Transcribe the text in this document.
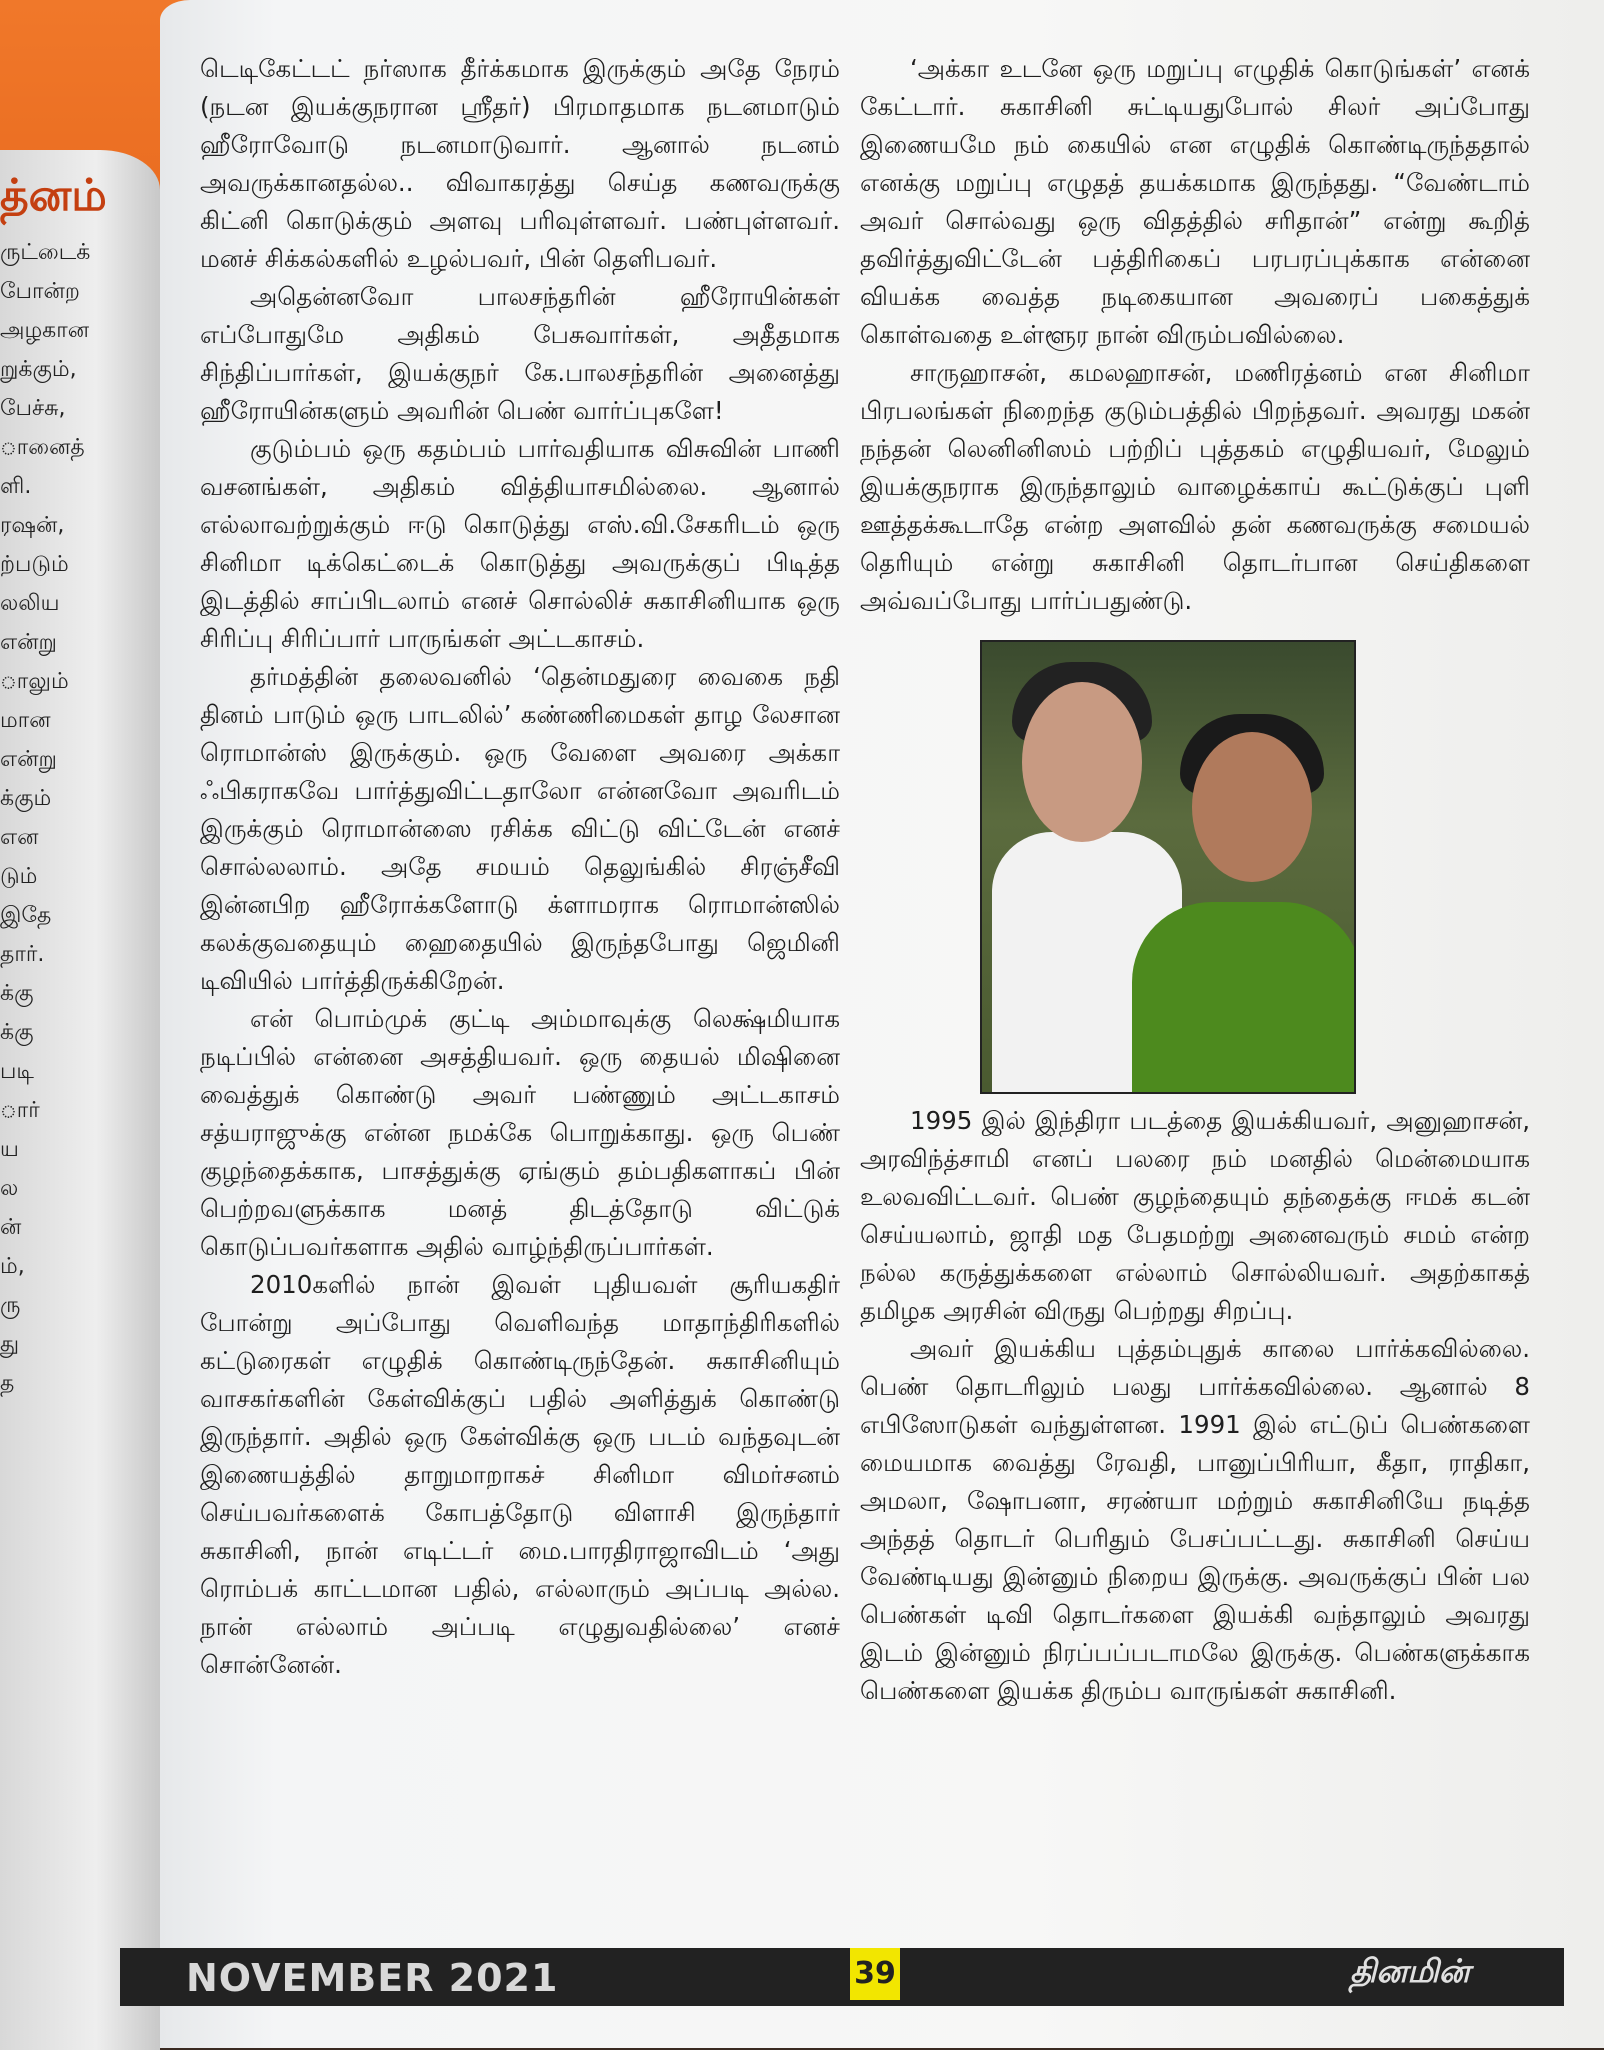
த்னம்
ருட்டைக்
போன்ற
அழகான
றுக்கும்,
பேச்சு,
ானைத்
ளி.
ரஷன்,
ற்படும்
லலிய
என்று
ாலும்
மான
என்று
க்கும்
என
டும்
இதே
தார்.
க்கு
க்கு
படி
ார்
ய
ல
ன்
ம்,
ரு
து
த

டெடிகேட்டட் நர்ஸாக தீர்க்கமாக இருக்கும் அதே நேரம் (நடன இயக்குநரான ஸ்ரீதர்) பிரமாதமாக நடனமாடும் ஹீரோவோடு நடனமாடுவார். ஆனால் நடனம் அவருக்கானதல்ல.. விவாகரத்து செய்த கணவருக்கு கிட்னி கொடுக்கும் அளவு பரிவுள்ளவர். பண்புள்ளவர். மனச் சிக்கல்களில் உழல்பவர், பின் தெளிபவர்.

அதென்னவோ பாலசந்தரின் ஹீரோயின்கள் எப்போதுமே அதிகம் பேசுவார்கள், அதீதமாக சிந்திப்பார்கள், இயக்குநர் கே.பாலசந்தரின் அனைத்து ஹீரோயின்களும் அவரின் பெண் வார்ப்புகளே!

குடும்பம் ஒரு கதம்பம் பார்வதியாக விசுவின் பாணி வசனங்கள், அதிகம் வித்தியாசமில்லை. ஆனால் எல்லாவற்றுக்கும் ஈடு கொடுத்து எஸ்.வி.சேகரிடம் ஒரு சினிமா டிக்கெட்டைக் கொடுத்து அவருக்குப் பிடித்த இடத்தில் சாப்பிடலாம் எனச் சொல்லிச் சுகாசினியாக ஒரு சிரிப்பு சிரிப்பார் பாருங்கள் அட்டகாசம்.

தர்மத்தின் தலைவனில் ‘தென்மதுரை வைகை நதி தினம் பாடும் ஒரு பாடலில்’ கண்ணிமைகள் தாழ லேசான ரொமான்ஸ் இருக்கும். ஒரு வேளை அவரை அக்கா ஃபிகராகவே பார்த்துவிட்டதாலோ என்னவோ அவரிடம் இருக்கும் ரொமான்ஸை ரசிக்க விட்டு விட்டேன் எனச் சொல்லலாம். அதே சமயம் தெலுங்கில் சிரஞ்சீவி இன்னபிற ஹீரோக்களோடு க்ளாமராக ரொமான்ஸில் கலக்குவதையும் ஹைதையில் இருந்தபோது ஜெமினி டிவியில் பார்த்திருக்கிறேன்.

என் பொம்முக் குட்டி அம்மாவுக்கு லெக்ஷ்மியாக நடிப்பில் என்னை அசத்தியவர். ஒரு தையல் மிஷினை வைத்துக் கொண்டு அவர் பண்ணும் அட்டகாசம் சத்யராஜுக்கு என்ன நமக்கே பொறுக்காது. ஒரு பெண் குழந்தைக்காக, பாசத்துக்கு ஏங்கும் தம்பதிகளாகப் பின் பெற்றவளுக்காக மனத் திடத்தோடு விட்டுக் கொடுப்பவர்களாக அதில் வாழ்ந்திருப்பார்கள்.

2010களில் நான் இவள் புதியவள் சூரியகதிர் போன்று அப்போது வெளிவந்த மாதாந்திரிகளில் கட்டுரைகள் எழுதிக் கொண்டிருந்தேன். சுகாசினியும் வாசகர்களின் கேள்விக்குப் பதில் அளித்துக் கொண்டு இருந்தார். அதில் ஒரு கேள்விக்கு ஒரு படம் வந்தவுடன் இணையத்தில் தாறுமாறாகச் சினிமா விமர்சனம் செய்பவர்களைக் கோபத்தோடு விளாசி இருந்தார் சுகாசினி, நான் எடிட்டர் மை.பாரதிராஜாவிடம் ‘அது ரொம்பக் காட்டமான பதில், எல்லாரும் அப்படி அல்ல. நான் எல்லாம் அப்படி எழுதுவதில்லை’ எனச் சொன்னேன்.

‘அக்கா உடனே ஒரு மறுப்பு எழுதிக் கொடுங்கள்’ எனக் கேட்டார். சுகாசினி சுட்டியதுபோல் சிலர் அப்போது இணையமே நம் கையில் என எழுதிக் கொண்டிருந்ததால் எனக்கு மறுப்பு எழுதத் தயக்கமாக இருந்தது. “வேண்டாம் அவர் சொல்வது ஒரு விதத்தில் சரிதான்” என்று கூறித் தவிர்த்துவிட்டேன் பத்திரிகைப் பரபரப்புக்காக என்னை வியக்க வைத்த நடிகையான அவரைப் பகைத்துக் கொள்வதை உள்ளூர நான் விரும்பவில்லை.

சாருஹாசன், கமலஹாசன், மணிரத்னம் என சினிமா பிரபலங்கள் நிறைந்த குடும்பத்தில் பிறந்தவர். அவரது மகன் நந்தன் லெனினிஸம் பற்றிப் புத்தகம் எழுதியவர், மேலும் இயக்குநராக இருந்தாலும் வாழைக்காய் கூட்டுக்குப் புளி ஊத்தக்கூடாதே என்ற அளவில் தன் கணவருக்கு சமையல் தெரியும் என்று சுகாசினி தொடர்பான செய்திகளை அவ்வப்போது பார்ப்பதுண்டு.

1995 இல் இந்திரா படத்தை இயக்கியவர், அனுஹாசன், அரவிந்த்சாமி எனப் பலரை நம் மனதில் மென்மையாக உலவவிட்டவர். பெண் குழந்தையும் தந்தைக்கு ஈமக் கடன் செய்யலாம், ஜாதி மத பேதமற்று அனைவரும் சமம் என்ற நல்ல கருத்துக்களை எல்லாம் சொல்லியவர். அதற்காகத் தமிழக அரசின் விருது பெற்றது சிறப்பு.

அவர் இயக்கிய புத்தம்புதுக் காலை பார்க்கவில்லை. பெண் தொடரிலும் பலது பார்க்கவில்லை. ஆனால் 8 எபிஸோடுகள் வந்துள்ளன. 1991 இல் எட்டுப் பெண்களை மையமாக வைத்து ரேவதி, பானுப்பிரியா, கீதா, ராதிகா, அமலா, ஷோபனா, சரண்யா மற்றும் சுகாசினியே நடித்த அந்தத் தொடர் பெரிதும் பேசப்பட்டது. சுகாசினி செய்ய வேண்டியது இன்னும் நிறைய இருக்கு. அவருக்குப் பின் பல பெண்கள் டிவி தொடர்களை இயக்கி வந்தாலும் அவரது இடம் இன்னும் நிரப்பப்படாமலே இருக்கு. பெண்களுக்காக பெண்களை இயக்க திரும்ப வாருங்கள் சுகாசினி.

NOVEMBER 2021	39	தினமின்
